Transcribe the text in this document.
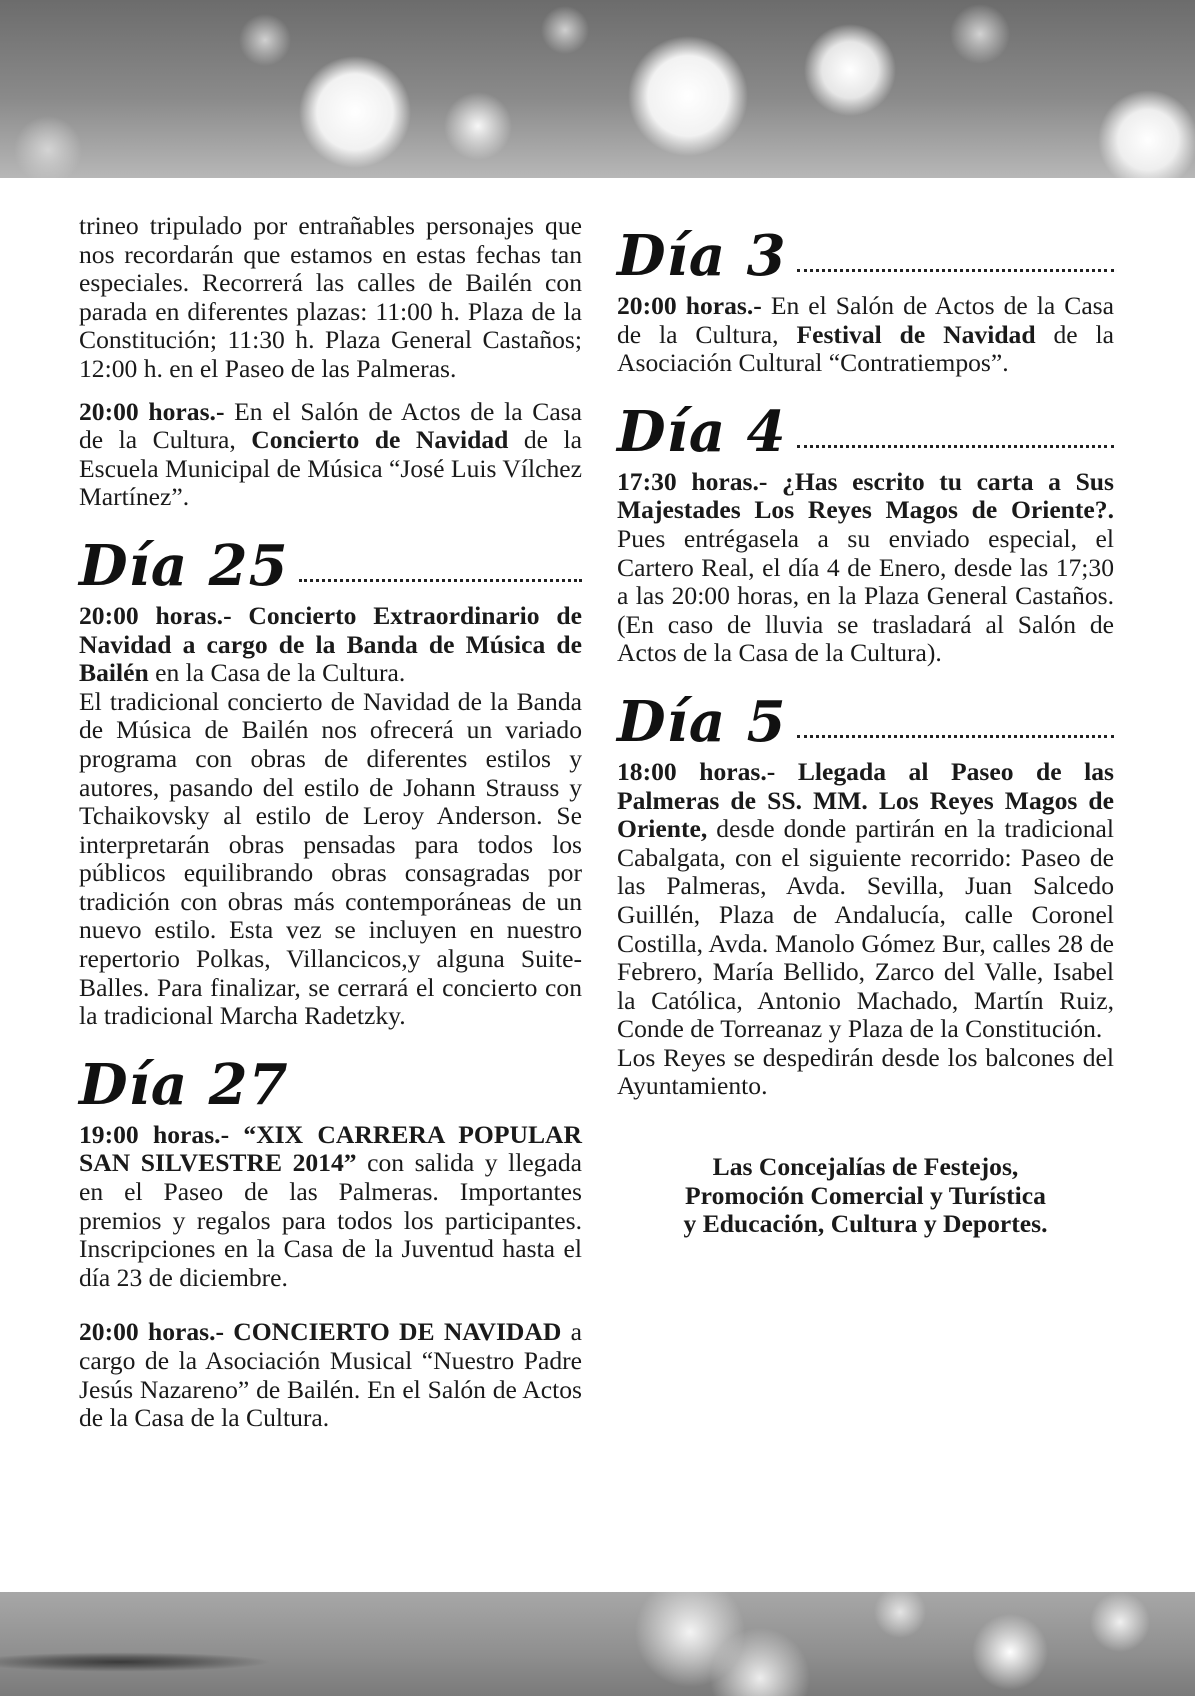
trineo tripulado por entrañables personajes que nos recordarán que estamos en estas fechas tan especiales. Recorrerá las calles de Bailén con parada en diferentes plazas: 11:00 h. Plaza de la Constitución; 11:30 h. Plaza General Castaños; 12:00 h. en el Paseo de las Palmeras.

20:00 horas.- En el Salón de Actos de la Casa de la Cultura, Concierto de Navidad de la Escuela Municipal de Música “José Luis Vílchez Martínez”.

Día 25

20:00 horas.- Concierto Extraordinario de Navidad a cargo de la Banda de Música de Bailén en la Casa de la Cultura.

El tradicional concierto de Navidad de la Banda de Música de Bailén nos ofrecerá un variado programa con obras de diferentes estilos y autores, pasando del estilo de Johann Strauss y Tchaikovsky al estilo de Leroy Anderson. Se interpretarán obras pensadas para todos los públicos equilibrando obras consagradas por tradición con obras más contemporáneas de un nuevo estilo. Esta vez se incluyen en nuestro repertorio Polkas, Villancicos,y alguna Suite-Balles. Para finalizar, se cerrará el concierto con la tradicional Marcha Radetzky.

Día 27

19:00 horas.- “XIX CARRERA POPULAR SAN SILVESTRE 2014” con salida y llegada en el Paseo de las Palmeras. Importantes premios y regalos para todos los participantes. Inscripciones en la Casa de la Juventud hasta el día 23 de diciembre.

20:00 horas.- CONCIERTO DE NAVIDAD a cargo de la Asociación Musical “Nuestro Padre Jesús Nazareno” de Bailén. En el Salón de Actos de la Casa de la Cultura.

Día 3

20:00 horas.- En el Salón de Actos de la Casa de la Cultura, Festival de Navidad de la Asociación Cultural “Contratiempos”.

Día 4

17:30 horas.- ¿Has escrito tu carta a Sus Majestades Los Reyes Magos de Oriente?. Pues entrégasela a su enviado especial, el Cartero Real, el día 4 de Enero, desde las 17;30 a las 20:00 horas, en la Plaza General Castaños. (En caso de lluvia se trasladará al Salón de Actos de la Casa de la Cultura).

Día 5

18:00 horas.- Llegada al Paseo de las Palmeras de SS. MM. Los Reyes Magos de Oriente, desde donde partirán en la tradicional Cabalgata, con el siguiente recorrido: Paseo de las Palmeras, Avda. Sevilla, Juan Salcedo Guillén, Plaza de Andalucía, calle Coronel Costilla, Avda. Manolo Gómez Bur, calles 28 de Febrero, María Bellido, Zarco del Valle, Isabel la Católica, Antonio Machado, Martín Ruiz, Conde de Torreanaz y Plaza de la Constitución.

Los Reyes se despedirán desde los balcones del Ayuntamiento.

Las Concejalías de Festejos,
Promoción Comercial y Turística
y Educación, Cultura y Deportes.
